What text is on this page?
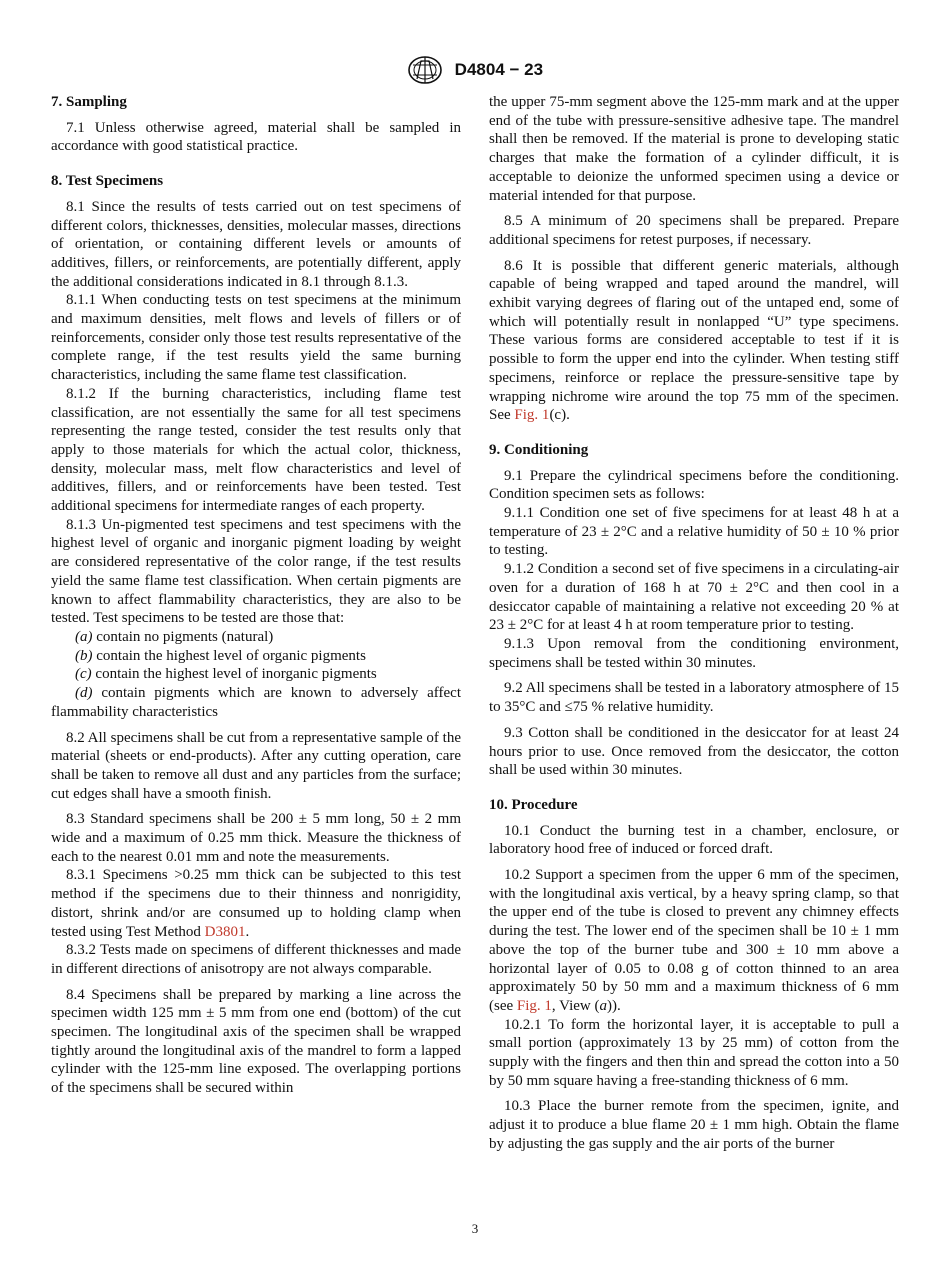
D4804 − 23
7. Sampling

7.1 Unless otherwise agreed, material shall be sampled in accordance with good statistical practice.

8. Test Specimens

8.1 Since the results of tests carried out on test specimens of different colors, thicknesses, densities, molecular masses, directions of orientation, or containing different levels or amounts of additives, fillers, or reinforcements, are potentially different, apply the additional considerations indicated in 8.1 through 8.1.3.

8.1.1 When conducting tests on test specimens at the minimum and maximum densities, melt flows and levels of fillers or of reinforcements, consider only those test results representative of the complete range, if the test results yield the same burning characteristics, including the same flame test classification.

8.1.2 If the burning characteristics, including flame test classification, are not essentially the same for all test specimens representing the range tested, consider the test results only that apply to those materials for which the actual color, thickness, density, molecular mass, melt flow characteristics and level of additives, fillers, and or reinforcements have been tested. Test additional specimens for intermediate ranges of each property.

8.1.3 Un-pigmented test specimens and test specimens with the highest level of organic and inorganic pigment loading by weight are considered representative of the color range, if the test results yield the same flame test classification. When certain pigments are known to affect flammability characteristics, they are also to be tested. Test specimens to be tested are those that:

(a) contain no pigments (natural)

(b) contain the highest level of organic pigments

(c) contain the highest level of inorganic pigments

(d) contain pigments which are known to adversely affect flammability characteristics

8.2 All specimens shall be cut from a representative sample of the material (sheets or end-products). After any cutting operation, care shall be taken to remove all dust and any particles from the surface; cut edges shall have a smooth finish.

8.3 Standard specimens shall be 200 ± 5 mm long, 50 ± 2 mm wide and a maximum of 0.25 mm thick. Measure the thickness of each to the nearest 0.01 mm and note the measurements.

8.3.1 Specimens >0.25 mm thick can be subjected to this test method if the specimens due to their thinness and nonrigidity, distort, shrink and/or are consumed up to holding clamp when tested using Test Method D3801.

8.3.2 Tests made on specimens of different thicknesses and made in different directions of anisotropy are not always comparable.

8.4 Specimens shall be prepared by marking a line across the specimen width 125 mm ± 5 mm from one end (bottom) of the cut specimen. The longitudinal axis of the specimen shall be wrapped tightly around the longitudinal axis of the mandrel to form a lapped cylinder with the 125-mm line exposed. The overlapping portions of the specimens shall be secured within

the upper 75-mm segment above the 125-mm mark and at the upper end of the tube with pressure-sensitive adhesive tape. The mandrel shall then be removed. If the material is prone to developing static charges that make the formation of a cylinder difficult, it is acceptable to deionize the unformed specimen using a device or material intended for that purpose.

8.5 A minimum of 20 specimens shall be prepared. Prepare additional specimens for retest purposes, if necessary.

8.6 It is possible that different generic materials, although capable of being wrapped and taped around the mandrel, will exhibit varying degrees of flaring out of the untaped end, some of which will potentially result in nonlapped “U” type specimens. These various forms are considered acceptable to test if it is possible to form the upper end into the cylinder. When testing stiff specimens, reinforce or replace the pressure-sensitive tape by wrapping nichrome wire around the top 75 mm of the specimen. See Fig. 1(c).

9. Conditioning

9.1 Prepare the cylindrical specimens before the conditioning. Condition specimen sets as follows:

9.1.1 Condition one set of five specimens for at least 48 h at a temperature of 23 ± 2°C and a relative humidity of 50 ± 10 % prior to testing.

9.1.2 Condition a second set of five specimens in a circulating-air oven for a duration of 168 h at 70 ± 2°C and then cool in a desiccator capable of maintaining a relative not exceeding 20 % at 23 ± 2°C for at least 4 h at room temperature prior to testing.

9.1.3 Upon removal from the conditioning environment, specimens shall be tested within 30 minutes.

9.2 All specimens shall be tested in a laboratory atmosphere of 15 to 35°C and ≤75 % relative humidity.

9.3 Cotton shall be conditioned in the desiccator for at least 24 hours prior to use. Once removed from the desiccator, the cotton shall be used within 30 minutes.

10. Procedure

10.1 Conduct the burning test in a chamber, enclosure, or laboratory hood free of induced or forced draft.

10.2 Support a specimen from the upper 6 mm of the specimen, with the longitudinal axis vertical, by a heavy spring clamp, so that the upper end of the tube is closed to prevent any chimney effects during the test. The lower end of the specimen shall be 10 ± 1 mm above the top of the burner tube and 300 ± 10 mm above a horizontal layer of 0.05 to 0.08 g of cotton thinned to an area approximately 50 by 50 mm and a maximum thickness of 6 mm (see Fig. 1, View (a)).

10.2.1 To form the horizontal layer, it is acceptable to pull a small portion (approximately 13 by 25 mm) of cotton from the supply with the fingers and then thin and spread the cotton into a 50 by 50 mm square having a free-standing thickness of 6 mm.

10.3 Place the burner remote from the specimen, ignite, and adjust it to produce a blue flame 20 ± 1 mm high. Obtain the flame by adjusting the gas supply and the air ports of the burner

3
